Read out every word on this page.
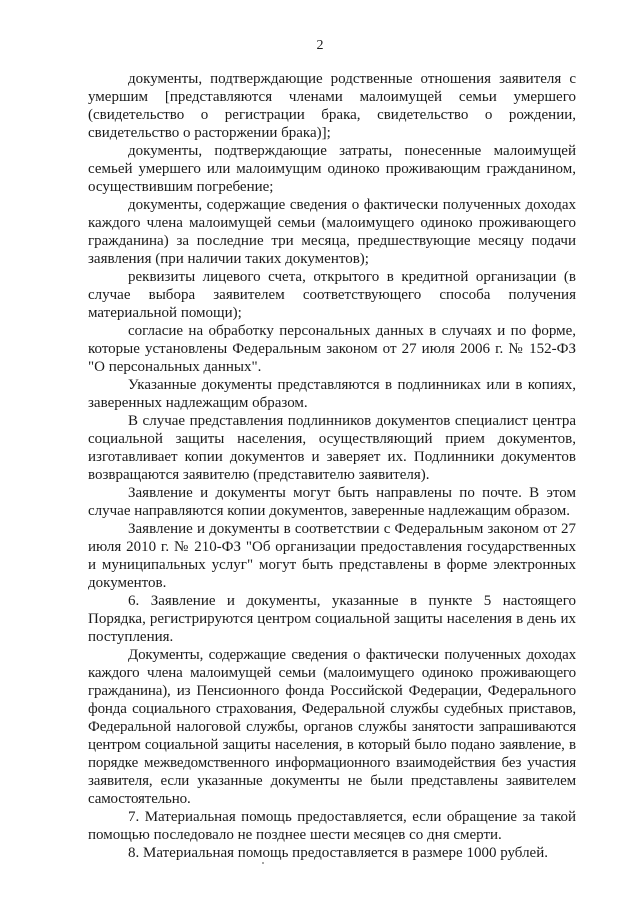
2

документы, подтверждающие родственные отношения заявителя с умершим [представляются членами малоимущей семьи умершего (свидетельство о регистрации брака, свидетельство о рождении, свидетельство о расторжении брака)];

документы, подтверждающие затраты, понесенные малоимущей семьей умершего или малоимущим одиноко проживающим гражданином, осуществившим погребение;

документы, содержащие сведения о фактически полученных доходах каждого члена малоимущей семьи (малоимущего одиноко проживающего гражданина) за последние три месяца, предшествующие месяцу подачи заявления (при наличии таких документов);

реквизиты лицевого счета, открытого в кредитной организации (в случае выбора заявителем соответствующего способа получения материальной помощи);

согласие на обработку персональных данных в случаях и по форме, которые установлены Федеральным законом от 27 июля 2006 г. № 152-ФЗ "О персональных данных".

Указанные документы представляются в подлинниках или в копиях, заверенных надлежащим образом.

В случае представления подлинников документов специалист центра социальной защиты населения, осуществляющий прием документов, изготавливает копии документов и заверяет их. Подлинники документов возвращаются заявителю (представителю заявителя).

Заявление и документы могут быть направлены по почте. В этом случае направляются копии документов, заверенные надлежащим образом.

Заявление и документы в соответствии с Федеральным законом от 27 июля 2010 г. № 210-ФЗ "Об организации предоставления государственных и муниципальных услуг" могут быть представлены в форме электронных документов.

6. Заявление и документы, указанные в пункте 5 настоящего Порядка, регистрируются центром социальной защиты населения в день их поступления.

Документы, содержащие сведения о фактически полученных доходах каждого члена малоимущей семьи (малоимущего одиноко проживающего гражданина), из Пенсионного фонда Российской Федерации, Федерального фонда социального страхования, Федеральной службы судебных приставов, Федеральной налоговой службы, органов службы занятости запрашиваются центром социальной защиты населения, в который было подано заявление, в порядке межведомственного информационного взаимодействия без участия заявителя, если указанные документы не были представлены заявителем самостоятельно.

7. Материальная помощь предоставляется, если обращение за такой помощью последовало не позднее шести месяцев со дня смерти.

8. Материальная помощь предоставляется в размере 1000 рублей.
